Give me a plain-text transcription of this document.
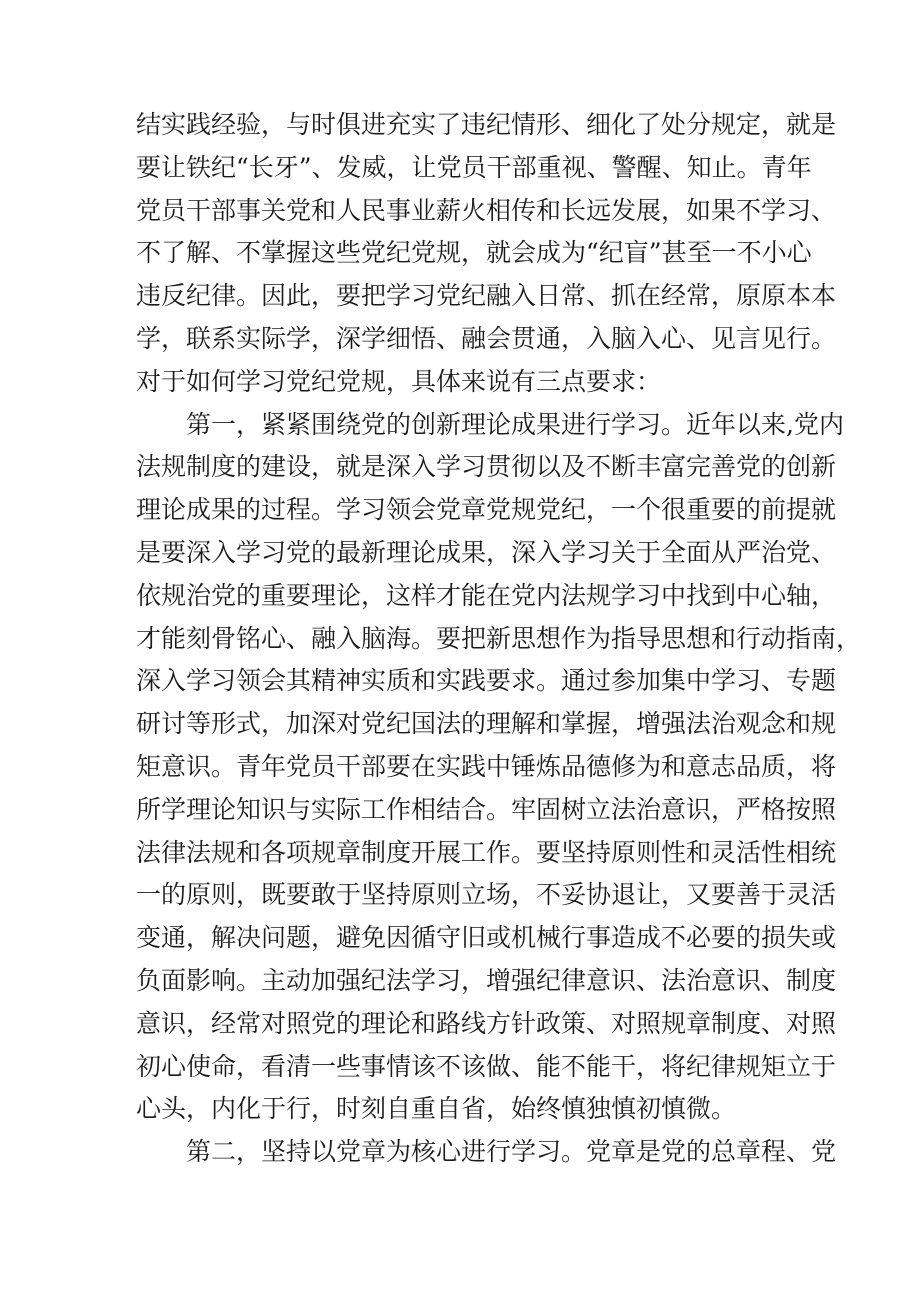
结实践经验，与时俱进充实了违纪情形、细化了处分规定，就是
要让铁纪“长牙”、发威，让党员干部重视、警醒、知止。青年
党员干部事关党和人民事业薪火相传和长远发展，如果不学习、
不了解、不掌握这些党纪党规，就会成为“纪盲”甚至一不小心
违反纪律。因此，要把学习党纪融入日常、抓在经常，原原本本
学，联系实际学，深学细悟、融会贯通，入脑入心、见言见行。
对于如何学习党纪党规，具体来说有三点要求：
第一，紧紧围绕党的创新理论成果进行学习。近年以来,党内
法规制度的建设，就是深入学习贯彻以及不断丰富完善党的创新
理论成果的过程。学习领会党章党规党纪，一个很重要的前提就
是要深入学习党的最新理论成果，深入学习关于全面从严治党、
依规治党的重要理论，这样才能在党内法规学习中找到中心轴，
才能刻骨铭心、融入脑海。要把新思想作为指导思想和行动指南，
深入学习领会其精神实质和实践要求。通过参加集中学习、专题
研讨等形式，加深对党纪国法的理解和掌握，增强法治观念和规
矩意识。青年党员干部要在实践中锤炼品德修为和意志品质，将
所学理论知识与实际工作相结合。牢固树立法治意识，严格按照
法律法规和各项规章制度开展工作。要坚持原则性和灵活性相统
一的原则，既要敢于坚持原则立场，不妥协退让，又要善于灵活
变通，解决问题，避免因循守旧或机械行事造成不必要的损失或
负面影响。主动加强纪法学习，增强纪律意识、法治意识、制度
意识，经常对照党的理论和路线方针政策、对照规章制度、对照
初心使命，看清一些事情该不该做、能不能干，将纪律规矩立于
心头，内化于行，时刻自重自省，始终慎独慎初慎微。
第二，坚持以党章为核心进行学习。党章是党的总章程、党
